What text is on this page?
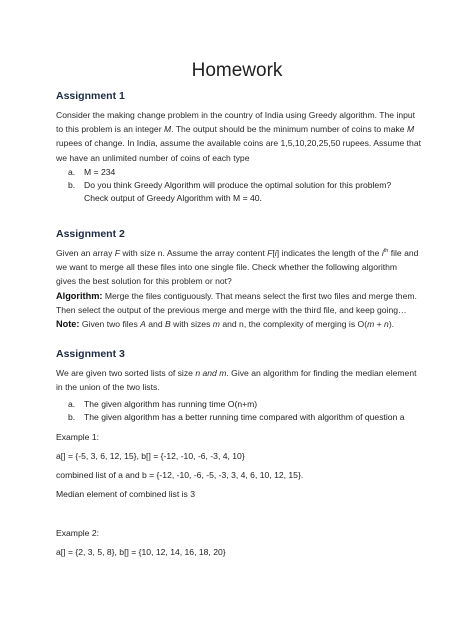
Homework
Assignment 1
Consider the making change problem in the country of India using Greedy algorithm. The input
to this problem is an integer M. The output should be the minimum number of coins to make M
rupees of change. In India, assume the available coins are 1,5,10,20,25,50 rupees. Assume that
we have an unlimited number of coins of each type
a. M = 234
b. Do you think Greedy Algorithm will produce the optimal solution for this problem?
Check output of Greedy Algorithm with M = 40.
Assignment 2
Given an array F with size n. Assume the array content F[i] indicates the length of the $i^{th}$ file and
we want to merge all these files into one single file. Check whether the following algorithm
gives the best solution for this problem or not?
Algorithm: Merge the files contiguously. That means select the first two files and merge them.
Then select the output of the previous merge and merge with the third file, and keep going…
Note: Given two files A and B with sizes m and n, the complexity of merging is O(m + n).
Assignment 3
We are given two sorted lists of size n and m. Give an algorithm for finding the median element
in the union of the two lists.
a. The given algorithm has running time O(n+m)
b. The given algorithm has a better running time compared with algorithm of question a
Example 1:
a[] = {-5, 3, 6, 12, 15}, b[] = {-12, -10, -6, -3, 4, 10}
combined list of a and b = {-12, -10, -6, -5, -3, 3, 4, 6, 10, 12, 15}.
Median element of combined list is 3
Example 2:
a[] = {2, 3, 5, 8}, b[] = {10, 12, 14, 16, 18, 20}
